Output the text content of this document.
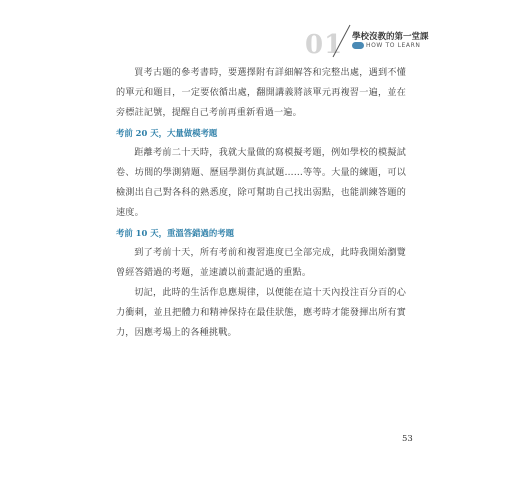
01 學校沒教的第一堂課
HOW TO LEARN

買考古題的參考書時，要選擇附有詳細解答和完整出處，遇到不懂的單元和題目，一定要依循出處，翻開講義將該單元再複習一遍，並在旁標註記號，提醒自己考前再重新看過一遍。

考前 20 天，大量做模考題

距離考前二十天時，我就大量做的寫模擬考題，例如學校的模擬試卷、坊間的學測猜題、歷屆學測仿真試題……等等。大量的練題，可以檢測出自己對各科的熟悉度，除可幫助自己找出弱點，也能訓練答題的速度。

考前 10 天，重溫答錯過的考題

到了考前十天，所有考前和複習進度已全部完成，此時我開始瀏覽曾經答錯過的考題，並速讀以前畫記過的重點。

切記，此時的生活作息應規律，以便能在這十天內投注百分百的心力衝刺，並且把體力和精神保持在最佳狀態，應考時才能發揮出所有實力，因應考場上的各種挑戰。

53
